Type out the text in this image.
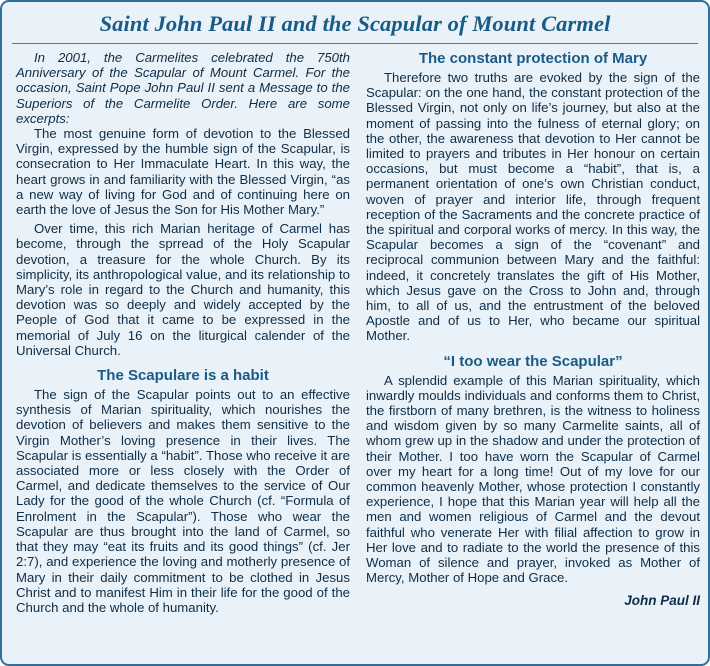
Saint John Paul II and the Scapular of Mount Carmel

In 2001, the Carmelites celebrated the 750th Anniversary of the Scapular of Mount Carmel. For the occasion, Saint Pope John Paul II sent a Message to the Superiors of the Carmelite Order. Here are some excerpts:

The most genuine form of devotion to the Blessed Virgin, expressed by the humble sign of the Scapular, is consecration to Her Immaculate Heart. In this way, the heart grows in and familiarity with the Blessed Virgin, “as a new way of living for God and of continuing here on earth the love of Jesus the Son for His Mother Mary.”

Over time, this rich Marian heritage of Carmel has become, through the sprread of the Holy Scapular devotion, a treasure for the whole Church. By its simplicity, its anthropological value, and its relationship to Mary’s role in regard to the Church and humanity, this devotion was so deeply and widely accepted by the People of God that it came to be expressed in the memorial of July 16 on the liturgical calender of the Universal Church.

The Scapulare is a habit

The sign of the Scapular points out to an effective synthesis of Marian spirituality, which nourishes the devotion of believers and makes them sensitive to the Virgin Mother’s loving presence in their lives. The Scapular is essentially a “habit”. Those who receive it are associated more or less closely with the Order of Carmel, and dedicate themselves to the service of Our Lady for the good of the whole Church (cf. “Formula of Enrolment in the Scapular”). Those who wear the Scapular are thus brought into the land of Carmel, so that they may “eat its fruits and its good things” (cf. Jer 2:7), and experience the loving and motherly presence of Mary in their daily commitment to be clothed in Jesus Christ and to manifest Him in their life for the good of the Church and the whole of humanity.

The constant protection of Mary

Therefore two truths are evoked by the sign of the Scapular: on the one hand, the constant protection of the Blessed Virgin, not only on life’s journey, but also at the moment of passing into the fulness of eternal glory; on the other, the awareness that devotion to Her cannot be limited to prayers and tributes in Her honour on certain occasions, but must become a “habit”, that is, a permanent orientation of one’s own Christian conduct, woven of prayer and interior life, through frequent reception of the Sacraments and the concrete practice of the spiritual and corporal works of mercy. In this way, the Scapular becomes a sign of the “covenant” and reciprocal communion between Mary and the faithful: indeed, it concretely translates the gift of His Mother, which Jesus gave on the Cross to John and, through him, to all of us, and the entrustment of the beloved Apostle and of us to Her, who became our spiritual Mother.

“I too wear the Scapular”

A splendid example of this Marian spirituality, which inwardly moulds individuals and conforms them to Christ, the firstborn of many brethren, is the witness to holiness and wisdom given by so many Carmelite saints, all of whom grew up in the shadow and under the protection of their Mother. I too have worn the Scapular of Carmel over my heart for a long time! Out of my love for our common heavenly Mother, whose protection I constantly experience, I hope that this Marian year will help all the men and women religious of Carmel and the devout faithful who venerate Her with filial affection to grow in Her love and to radiate to the world the presence of this Woman of silence and prayer, invoked as Mother of Mercy, Mother of Hope and Grace.

John Paul II
